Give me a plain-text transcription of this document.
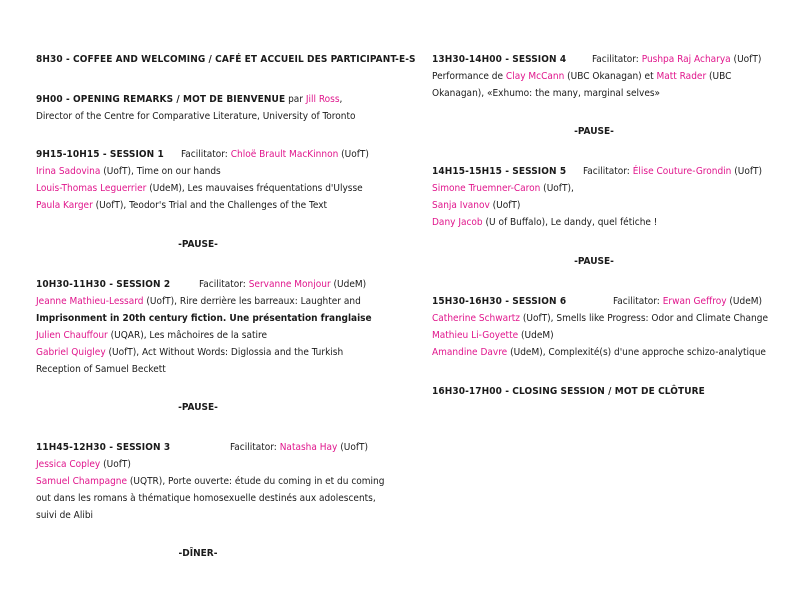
8H30 - COFFEE AND WELCOMING / CAFÉ ET ACCUEIL DES PARTICIPANT-E-S
9H00 - OPENING REMARKS / MOT DE BIENVENUE par Jill Ross, Director of the Centre for Comparative Literature, University of Toronto
9H15-10H15 - SESSION 1 Facilitator: Chloë Brault MacKinnon (UofT)
Irina Sadovina (UofT), Time on our hands
Louis-Thomas Leguerrier (UdeM), Les mauvaises fréquentations d'Ulysse
Paula Karger (UofT), Teodor's Trial and the Challenges of the Text
-PAUSE-
10H30-11H30 - SESSION 2	Facilitator: Servanne Monjour (UdeM)
Jeanne Mathieu-Lessard (UofT), Rire derrière les barreaux: Laughter and
Imprisonment in 20th century fiction. Une présentation franglaise
Julien Chauffour (UQAR), Les mâchoires de la satire
Gabriel Quigley (UofT), Act Without Words: Diglossia and the Turkish
Reception of Samuel Beckett
-PAUSE-
11H45-12H30 - SESSION 3	Facilitator: Natasha Hay (UofT)
Jessica Copley (UofT)
Samuel Champagne (UQTR), Porte ouverte: étude du coming in et du coming
out dans les romans à thématique homosexuelle destinés aux adolescents,
suivi de Alibi
-DÎNER-
13H30-14H00 - SESSION 4	Facilitator: Pushpa Raj Acharya (UofT)
Performance de Clay McCann (UBC Okanagan) et Matt Rader (UBC
Okanagan), «Exhumo: the many, marginal selves»
-PAUSE-
14H15-15H15 - SESSION 5 Facilitator: Élise Couture-Grondin (UofT)
Simone Truemner-Caron (UofT),
Sanja Ivanov (UofT)
Dany Jacob (U of Buffalo), Le dandy, quel fétiche !
-PAUSE-
15H30-16H30 - SESSION 6	Facilitator: Erwan Geffroy (UdeM)
Catherine Schwartz (UofT), Smells like Progress: Odor and Climate Change
Mathieu Li-Goyette (UdeM)
Amandine Davre (UdeM), Complexité(s) d'une approche schizo-analytique
16H30-17H00 - CLOSING SESSION / MOT DE CLÔTURE
